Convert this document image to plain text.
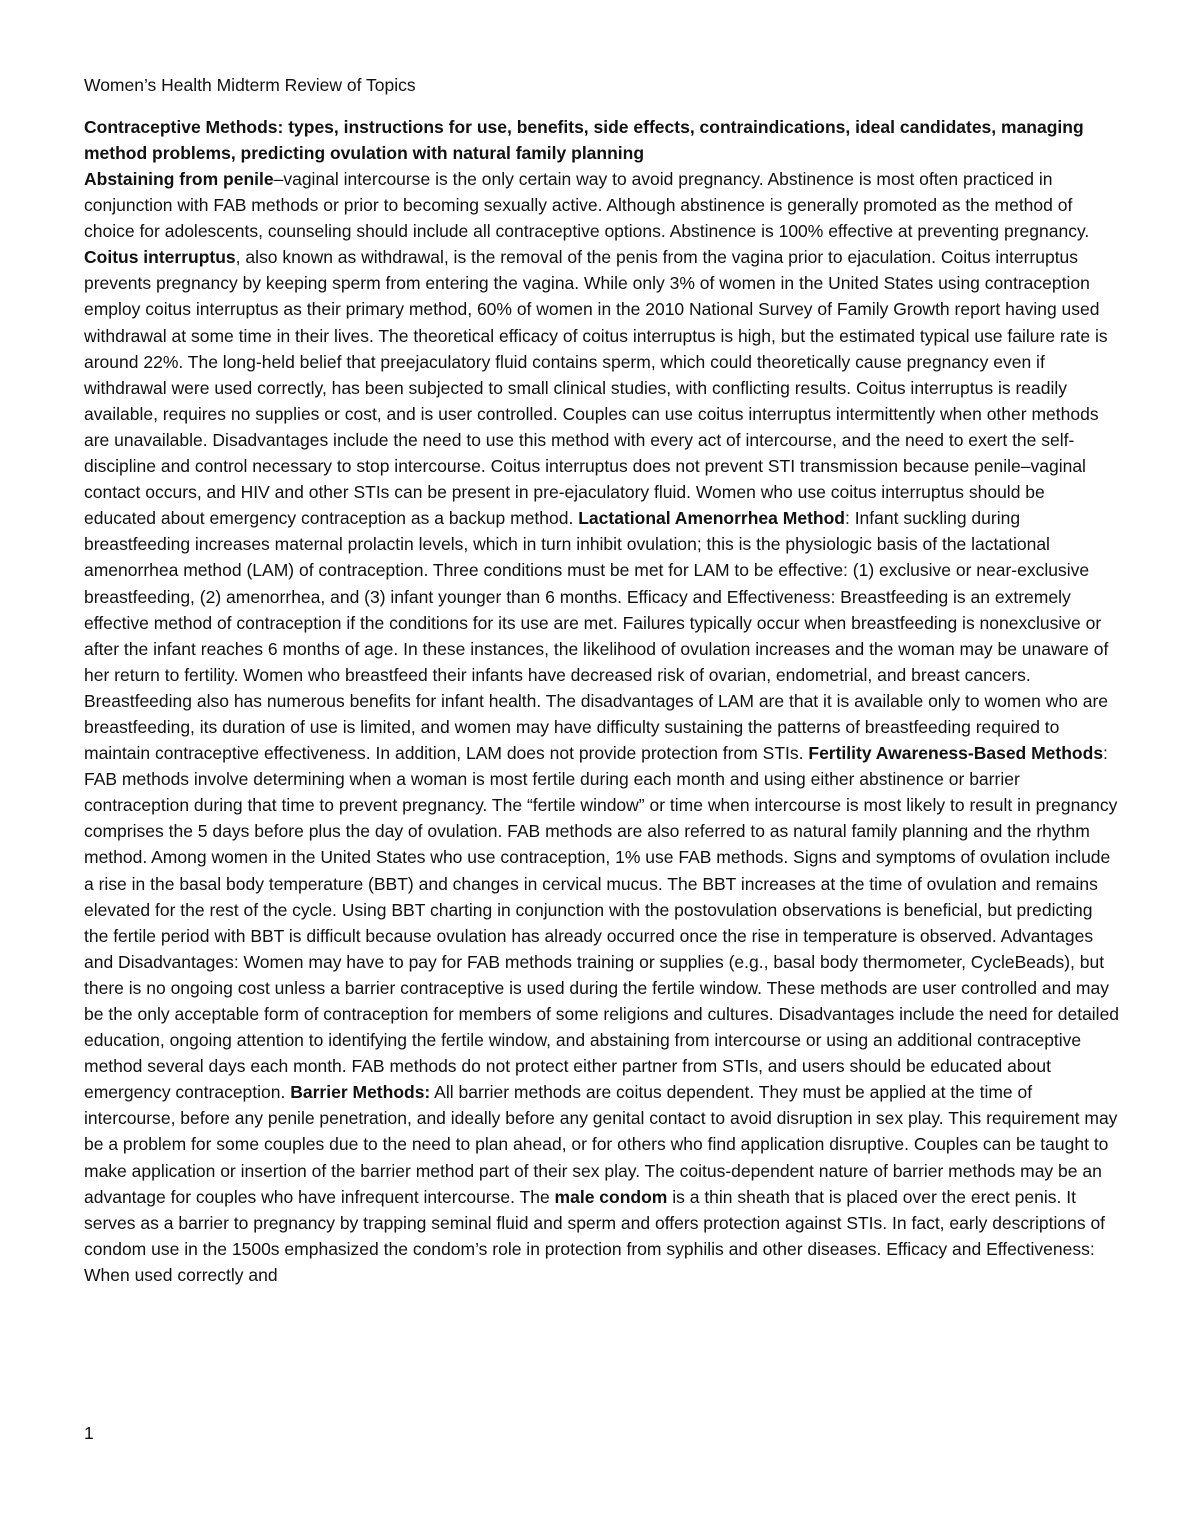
Women’s Health Midterm Review of Topics

Contraceptive Methods: types, instructions for use, benefits, side effects, contraindications, ideal candidates, managing method problems, predicting ovulation with natural family planning

Abstaining from penile–vaginal intercourse is the only certain way to avoid pregnancy. Abstinence is most often practiced in conjunction with FAB methods or prior to becoming sexually active. Although abstinence is generally promoted as the method of choice for adolescents, counseling should include all contraceptive options. Abstinence is 100% effective at preventing pregnancy. Coitus interruptus, also known as withdrawal, is the removal of the penis from the vagina prior to ejaculation. Coitus interruptus prevents pregnancy by keeping sperm from entering the vagina. While only 3% of women in the United States using contraception employ coitus interruptus as their primary method, 60% of women in the 2010 National Survey of Family Growth report having used withdrawal at some time in their lives. The theoretical efficacy of coitus interruptus is high, but the estimated typical use failure rate is around 22%. The long-held belief that preejaculatory fluid contains sperm, which could theoretically cause pregnancy even if withdrawal were used correctly, has been subjected to small clinical studies, with conflicting results. Coitus interruptus is readily available, requires no supplies or cost, and is user controlled. Couples can use coitus interruptus intermittently when other methods are unavailable. Disadvantages include the need to use this method with every act of intercourse, and the need to exert the self-discipline and control necessary to stop intercourse. Coitus interruptus does not prevent STI transmission because penile–vaginal contact occurs, and HIV and other STIs can be present in pre-ejaculatory fluid. Women who use coitus interruptus should be educated about emergency contraception as a backup method. Lactational Amenorrhea Method: Infant suckling during breastfeeding increases maternal prolactin levels, which in turn inhibit ovulation; this is the physiologic basis of the lactational amenorrhea method (LAM) of contraception. Three conditions must be met for LAM to be effective: (1) exclusive or near-exclusive breastfeeding, (2) amenorrhea, and (3) infant younger than 6 months. Efficacy and Effectiveness: Breastfeeding is an extremely effective method of contraception if the conditions for its use are met. Failures typically occur when breastfeeding is nonexclusive or after the infant reaches 6 months of age. In these instances, the likelihood of ovulation increases and the woman may be unaware of her return to fertility. Women who breastfeed their infants have decreased risk of ovarian, endometrial, and breast cancers. Breastfeeding also has numerous benefits for infant health. The disadvantages of LAM are that it is available only to women who are breastfeeding, its duration of use is limited, and women may have difficulty sustaining the patterns of breastfeeding required to maintain contraceptive effectiveness. In addition, LAM does not provide protection from STIs. Fertility Awareness-Based Methods: FAB methods involve determining when a woman is most fertile during each month and using either abstinence or barrier contraception during that time to prevent pregnancy. The “fertile window” or time when intercourse is most likely to result in pregnancy comprises the 5 days before plus the day of ovulation. FAB methods are also referred to as natural family planning and the rhythm method. Among women in the United States who use contraception, 1% use FAB methods. Signs and symptoms of ovulation include a rise in the basal body temperature (BBT) and changes in cervical mucus. The BBT increases at the time of ovulation and remains elevated for the rest of the cycle. Using BBT charting in conjunction with the postovulation observations is beneficial, but predicting the fertile period with BBT is difficult because ovulation has already occurred once the rise in temperature is observed. Advantages and Disadvantages: Women may have to pay for FAB methods training or supplies (e.g., basal body thermometer, CycleBeads), but there is no ongoing cost unless a barrier contraceptive is used during the fertile window. These methods are user controlled and may be the only acceptable form of contraception for members of some religions and cultures. Disadvantages include the need for detailed education, ongoing attention to identifying the fertile window, and abstaining from intercourse or using an additional contraceptive method several days each month. FAB methods do not protect either partner from STIs, and users should be educated about emergency contraception. Barrier Methods: All barrier methods are coitus dependent. They must be applied at the time of intercourse, before any penile penetration, and ideally before any genital contact to avoid disruption in sex play. This requirement may be a problem for some couples due to the need to plan ahead, or for others who find application disruptive. Couples can be taught to make application or insertion of the barrier method part of their sex play. The coitus-dependent nature of barrier methods may be an advantage for couples who have infrequent intercourse. The male condom is a thin sheath that is placed over the erect penis. It serves as a barrier to pregnancy by trapping seminal fluid and sperm and offers protection against STIs. In fact, early descriptions of condom use in the 1500s emphasized the condom’s role in protection from syphilis and other diseases. Efficacy and Effectiveness: When used correctly and

1
